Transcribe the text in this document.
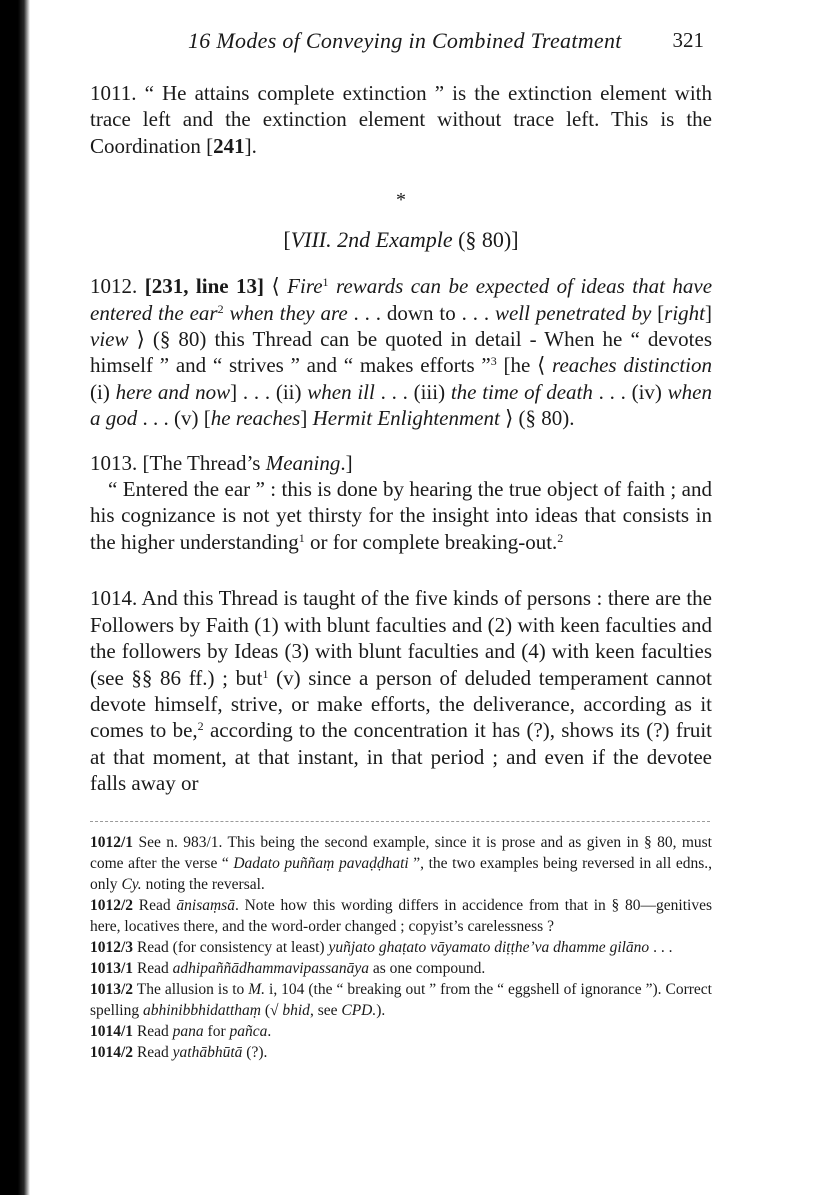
16 Modes of Conveying in Combined Treatment 321

1011. “ He attains complete extinction ” is the extinction element with trace left and the extinction element without trace left. This is the Coordination [241].

*
[VIII. 2nd Example (§ 80)]

1012. [231, line 13] ⟨ Fire$^1$ rewards can be expected of ideas that have entered the ear$^2$ when they are . . . down to . . . well penetrated by [right] view ⟩ (§ 80) this Thread can be quoted in detail - When he “ devotes himself ” and “ strives ” and “ makes efforts ”$^3$ [he ⟨ reaches distinction (i) here and now] . . . (ii) when ill . . . (iii) the time of death . . . (iv) when a god . . . (v) [he reaches] Hermit Enlightenment ⟩ (§ 80).

1013. [The Thread’s Meaning.]

“ Entered the ear ” : this is done by hearing the true object of faith ; and his cognizance is not yet thirsty for the insight into ideas that consists in the higher understanding$^1$ or for complete breaking-out.$^2$

1014. And this Thread is taught of the five kinds of persons : there are the Followers by Faith (1) with blunt faculties and (2) with keen faculties and the followers by Ideas (3) with blunt faculties and (4) with keen faculties (see §§ 86 ff.) ; but$^1$ (v) since a person of deluded temperament cannot devote himself, strive, or make efforts, the deliverance, according as it comes to be,$^2$ according to the concentration it has (?), shows its (?) fruit at that moment, at that instant, in that period ; and even if the devotee falls away or

1012/1 See n. 983/1. This being the second example, since it is prose and as given in § 80, must come after the verse “ Dadato puññaṃ pavaḍḍhati ”, the two examples being reversed in all edns., only Cy. noting the reversal.

1012/2 Read ānisaṃsā. Note how this wording differs in accidence from that in § 80—genitives here, locatives there, and the word-order changed ; copyist’s carelessness ?

1012/3 Read (for consistency at least) yuñjato ghaṭato vāyamato diṭṭhe’va dhamme gilāno . . .

1013/1 Read adhipaññādhammavipassanāya as one compound.

1013/2 The allusion is to M. i, 104 (the “ breaking out ” from the “ eggshell of ignorance ”). Correct spelling abhinibbhidatthaṃ (√ bhid, see CPD.).

1014/1 Read pana for pañca.

1014/2 Read yathābhūtā (?).
